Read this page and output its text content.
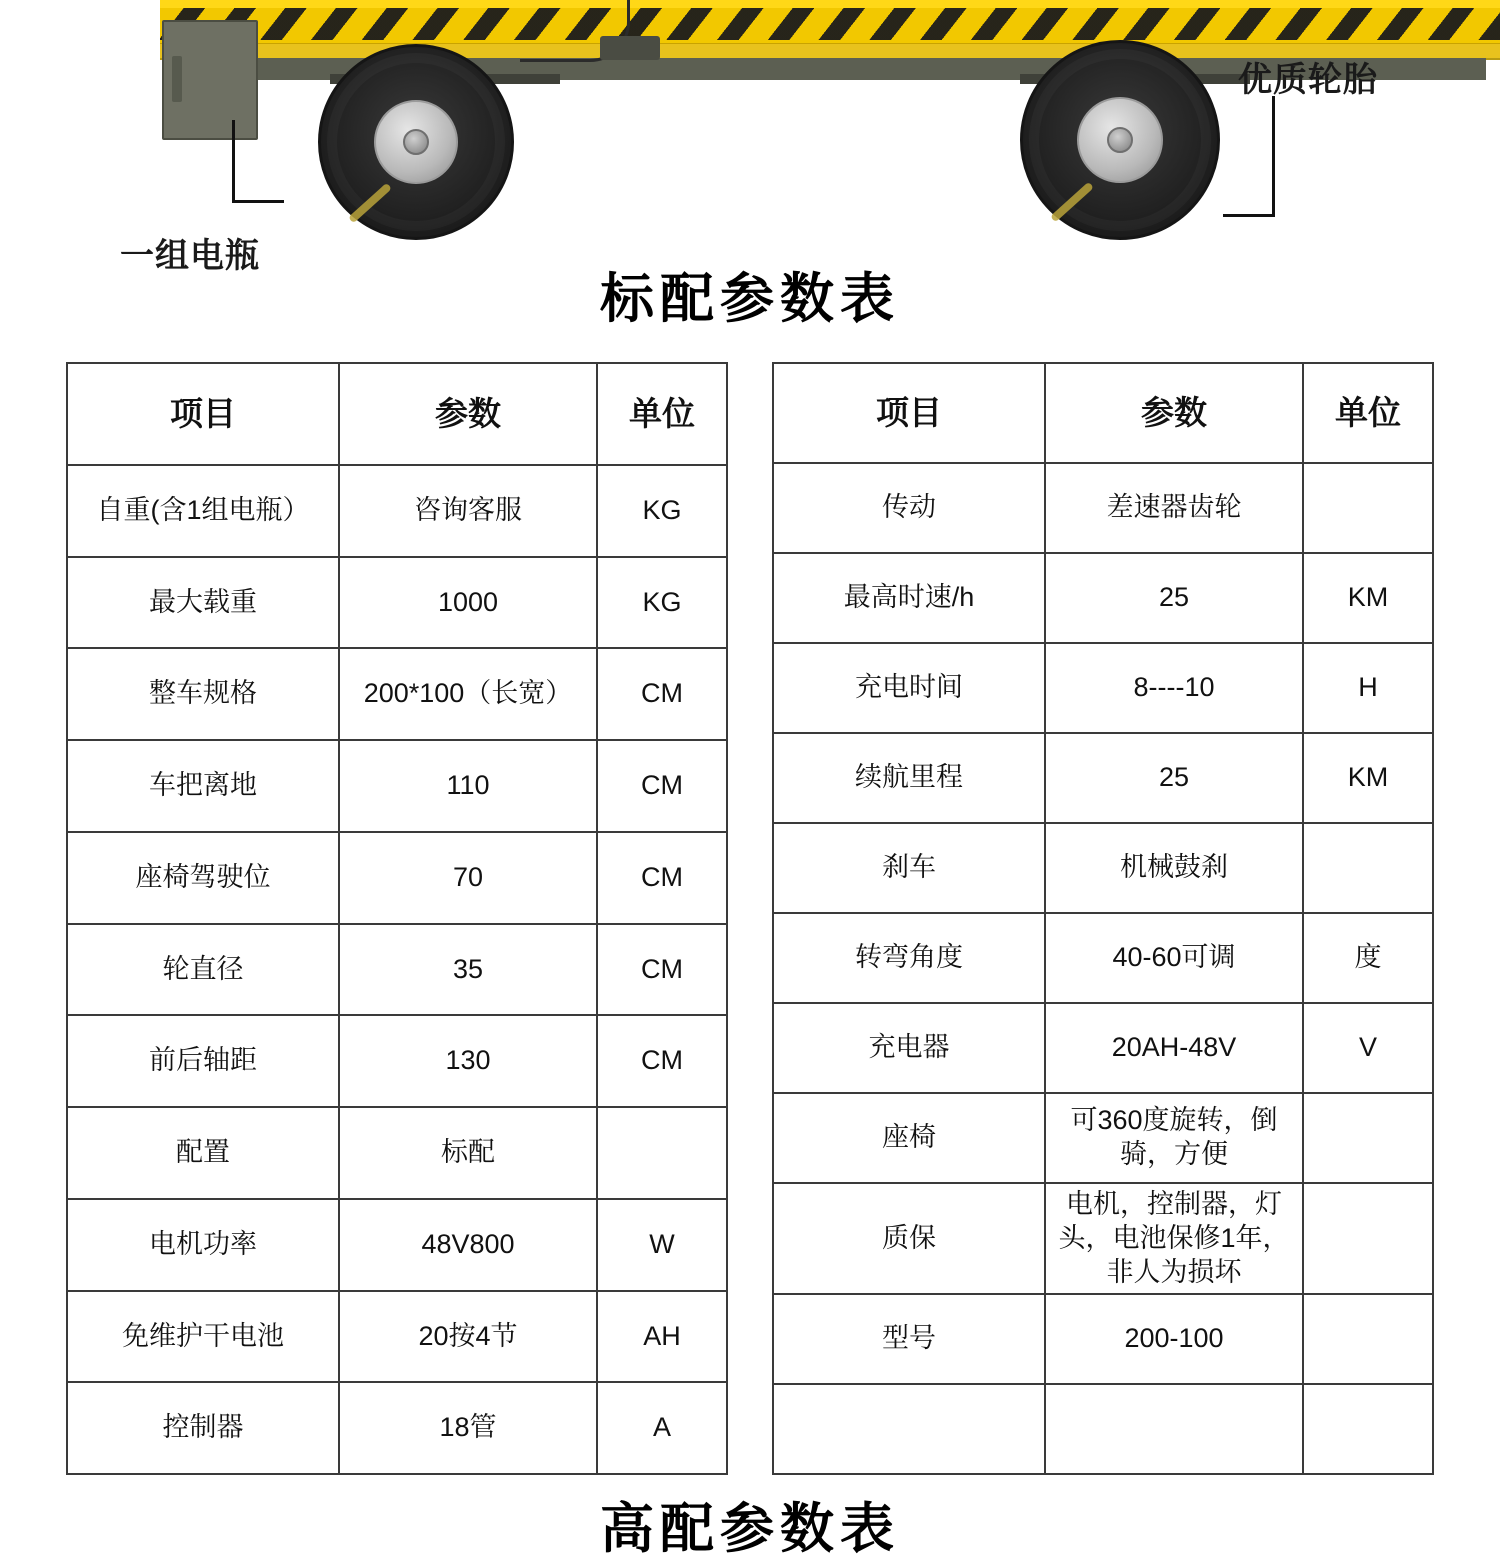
一组电瓶
优质轮胎
标配参数表
高配参数表
项目	参数	单位
自重(含1组电瓶）	咨询客服	KG
最大载重	1000	KG
整车规格	200*100（长宽）	CM
车把离地	110	CM
座椅驾驶位	70	CM
轮直径	35	CM
前后轴距	130	CM
配置	标配	
电机功率	48V800	W
免维护干电池	20按4节	AH
控制器	18管	A
项目	参数	单位
传动	差速器齿轮	
最高时速/h	25	KM
充电时间	8----10	H
续航里程	25	KM
刹车	机械鼓刹	
转弯角度	40-60可调	度
充电器	20AH-48V	V
座椅	可360度旋转，倒骑，方便	
质保	电机，控制器，灯头，电池保修1年，非人为损坏	
型号	200-100	
